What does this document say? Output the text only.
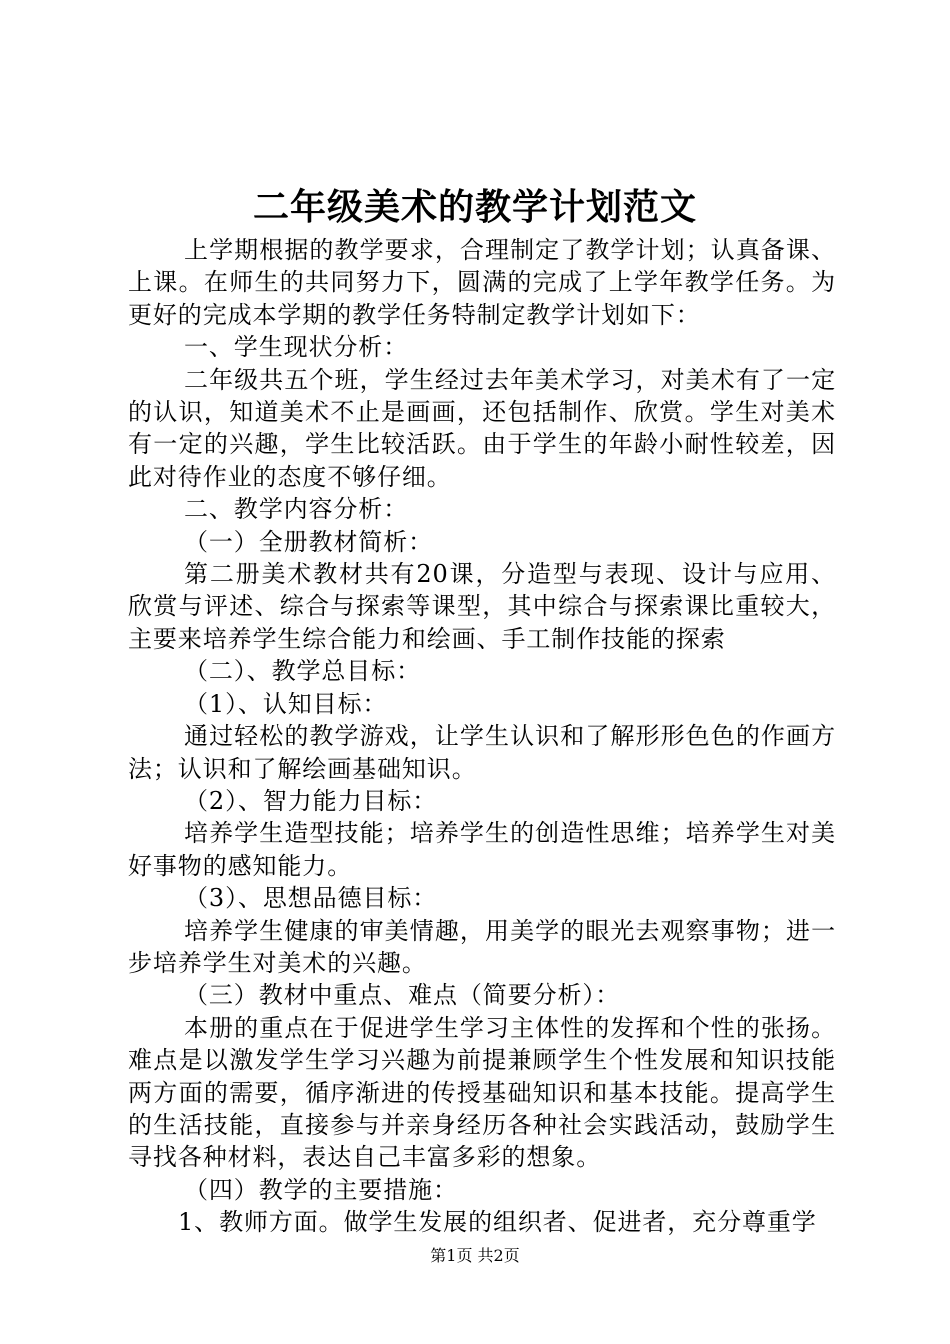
二年级美术的教学计划范文

上学期根据的教学要求，合理制定了教学计划；认真备课、上课。在师生的共同努力下，圆满的完成了上学年教学任务。为更好的完成本学期的教学任务特制定教学计划如下：

一、学生现状分析：

二年级共五个班，学生经过去年美术学习，对美术有了一定的认识，知道美术不止是画画，还包括制作、欣赏。学生对美术有一定的兴趣，学生比较活跃。由于学生的年龄小耐性较差，因此对待作业的态度不够仔细。

二、教学内容分析：

（一）全册教材简析：

第二册美术教材共有20课，分造型与表现、设计与应用、欣赏与评述、综合与探索等课型，其中综合与探索课比重较大，主要来培养学生综合能力和绘画、手工制作技能的探索

（二）、教学总目标：

（1）、认知目标：

通过轻松的教学游戏，让学生认识和了解形形色色的作画方法；认识和了解绘画基础知识。

（2）、智力能力目标：

培养学生造型技能；培养学生的创造性思维；培养学生对美好事物的感知能力。

（3）、思想品德目标：

培养学生健康的审美情趣，用美学的眼光去观察事物；进一步培养学生对美术的兴趣。

（三）教材中重点、难点（简要分析）：

本册的重点在于促进学生学习主体性的发挥和个性的张扬。难点是以激发学生学习兴趣为前提兼顾学生个性发展和知识技能两方面的需要，循序渐进的传授基础知识和基本技能。提高学生的生活技能，直接参与并亲身经历各种社会实践活动，鼓励学生寻找各种材料，表达自己丰富多彩的想象。

（四）教学的主要措施：

1、教师方面。做学生发展的组织者、促进者，充分尊重学

第1页 共2页
